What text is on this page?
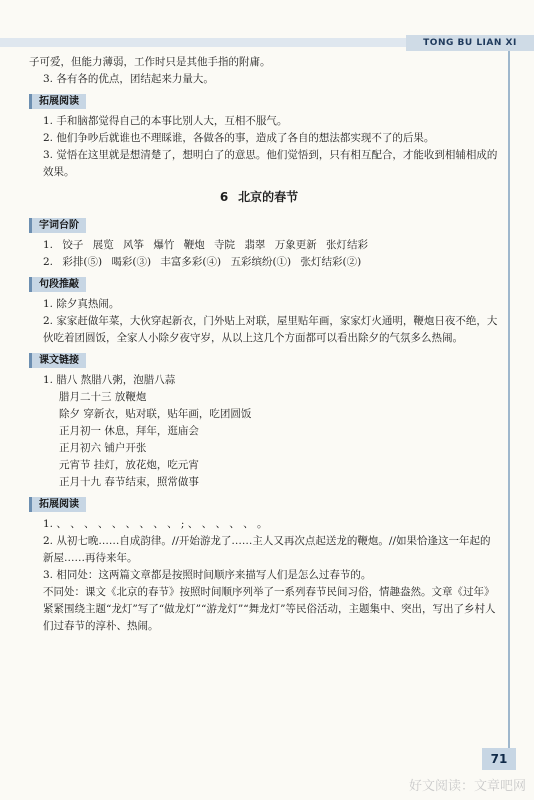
TONG BU LIAN XI

子可爱，但能力薄弱，工作时只是其他手指的附庸。

3. 各有各的优点，团结起来力量大。

拓展阅读

1. 手和脑都觉得自己的本事比别人大，互相不服气。

2. 他们争吵后就谁也不理睬谁，各做各的事，造成了各自的想法都实现不了的后果。

3. 觉悟在这里就是想清楚了，想明白了的意思。他们觉悟到，只有相互配合，才能收到相辅相成的效果。

6 北京的春节
字词台阶

1. 饺子 展览 风筝 爆竹 鞭炮 寺院 翡翠 万象更新 张灯结彩

2. 彩排(⑤) 喝彩(③) 丰富多彩(④) 五彩缤纷(①) 张灯结彩(②)

句段推敲

1. 除夕真热闹。

2. 家家赶做年菜，大伙穿起新衣，门外贴上对联，屋里贴年画，家家灯火通明，鞭炮日夜不绝，大伙吃着团圆饭，全家人小除夕夜守岁，从以上这几个方面都可以看出除夕的气氛多么热闹。

课文链接

1. 腊八 熬腊八粥，泡腊八蒜

腊月二十三 放鞭炮

除夕 穿新衣，贴对联，贴年画，吃团圆饭

正月初一 休息，拜年，逛庙会

正月初六 铺户开张

元宵节 挂灯，放花炮，吃元宵

正月十九 春节结束，照常做事

拓展阅读

1. 、 、 、 、 、 、 、 、 、 ; 、 、 、 、 、 。

2. 从初七晚……自成韵律。//开始游龙了……主人又再次点起送龙的鞭炮。//如果恰逢这一年起的新屋……再待来年。

3. 相同处：这两篇文章都是按照时间顺序来描写人们是怎么过春节的。

不同处：课文《北京的春节》按照时间顺序列举了一系列春节民间习俗，情趣盎然。文章《过年》紧紧围绕主题“龙灯”写了“做龙灯”“游龙灯”“舞龙灯”等民俗活动，主题集中、突出，写出了乡村人们过春节的淳朴、热闹。

71
好文阅读：文章吧网
